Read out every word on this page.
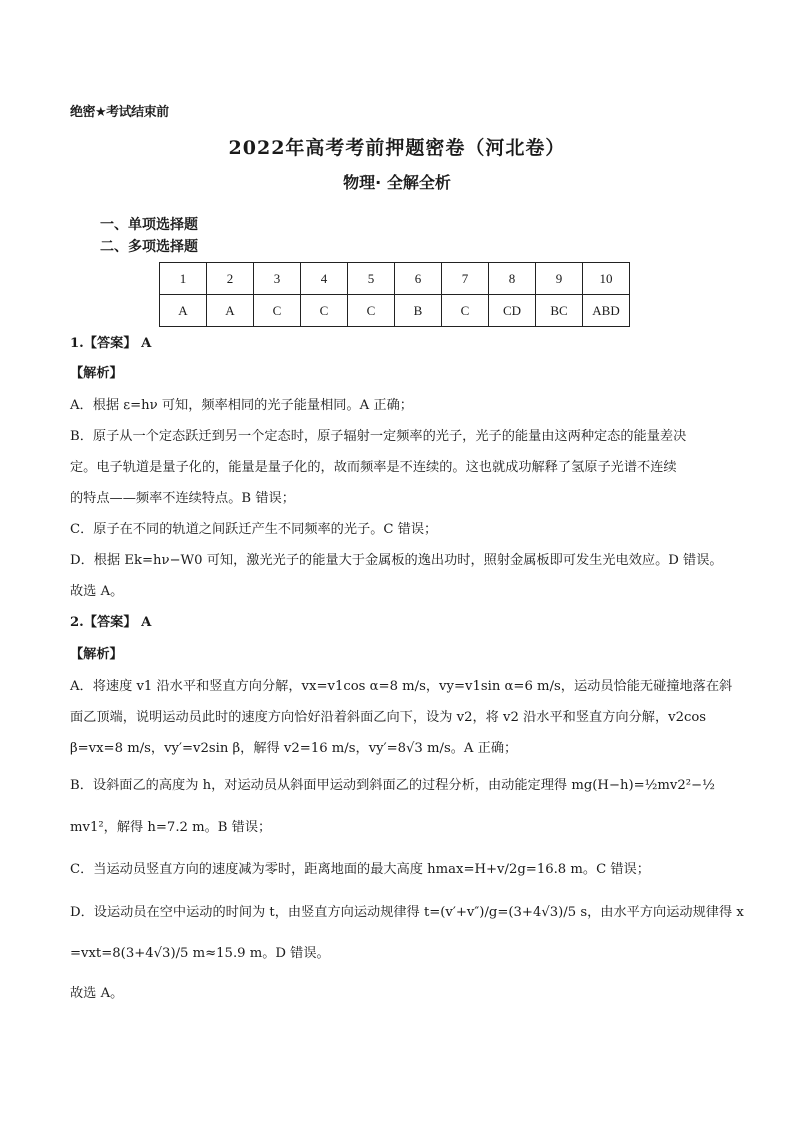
绝密★考试结束前
2022年高考考前押题密卷（河北卷）
物理· 全解全析
一、单项选择题
二、多项选择题
1	2	3	4	5	6	7	8	9	10
A	A	C	C	C	B	C	CD	BC	ABD
1.【答案】 A
【解析】
A．根据 ε=hν 可知，频率相同的光子能量相同。A 正确；
B．原子从一个定态跃迁到另一个定态时，原子辐射一定频率的光子，光子的能量由这两种定态的能量差决
定。电子轨道是量子化的，能量是量子化的，故而频率是不连续的。这也就成功解释了氢原子光谱不连续
的特点——频率不连续特点。B 错误；
C．原子在不同的轨道之间跃迁产生不同频率的光子。C 错误；
D．根据 Ek=hν−W0 可知，激光光子的能量大于金属板的逸出功时，照射金属板即可发生光电效应。D 错误。
故选 A。
2.【答案】 A
【解析】
A．将速度 v1 沿水平和竖直方向分解，vx=v1cos α=8 m/s，vy=v1sin α=6 m/s，运动员恰能无碰撞地落在斜
面乙顶端，说明运动员此时的速度方向恰好沿着斜面乙向下，设为 v2，将 v2 沿水平和竖直方向分解，v2cos
β=vx=8 m/s，vy′=v2sin β，解得 v2=16 m/s，vy′=8√3 m/s。A 正确；
B．设斜面乙的高度为 h，对运动员从斜面甲运动到斜面乙的过程分析，由动能定理得 mg(H−h)=½mv2²−½
mv1²，解得 h=7.2 m。B 错误；
C．当运动员竖直方向的速度减为零时，距离地面的最大高度 hmax=H+v/2g=16.8 m。C 错误；
D．设运动员在空中运动的时间为 t，由竖直方向运动规律得 t=(v′+v″)/g=(3+4√3)/5 s，由水平方向运动规律得 x
=vxt=8(3+4√3)/5 m≈15.9 m。D 错误。
故选 A。
